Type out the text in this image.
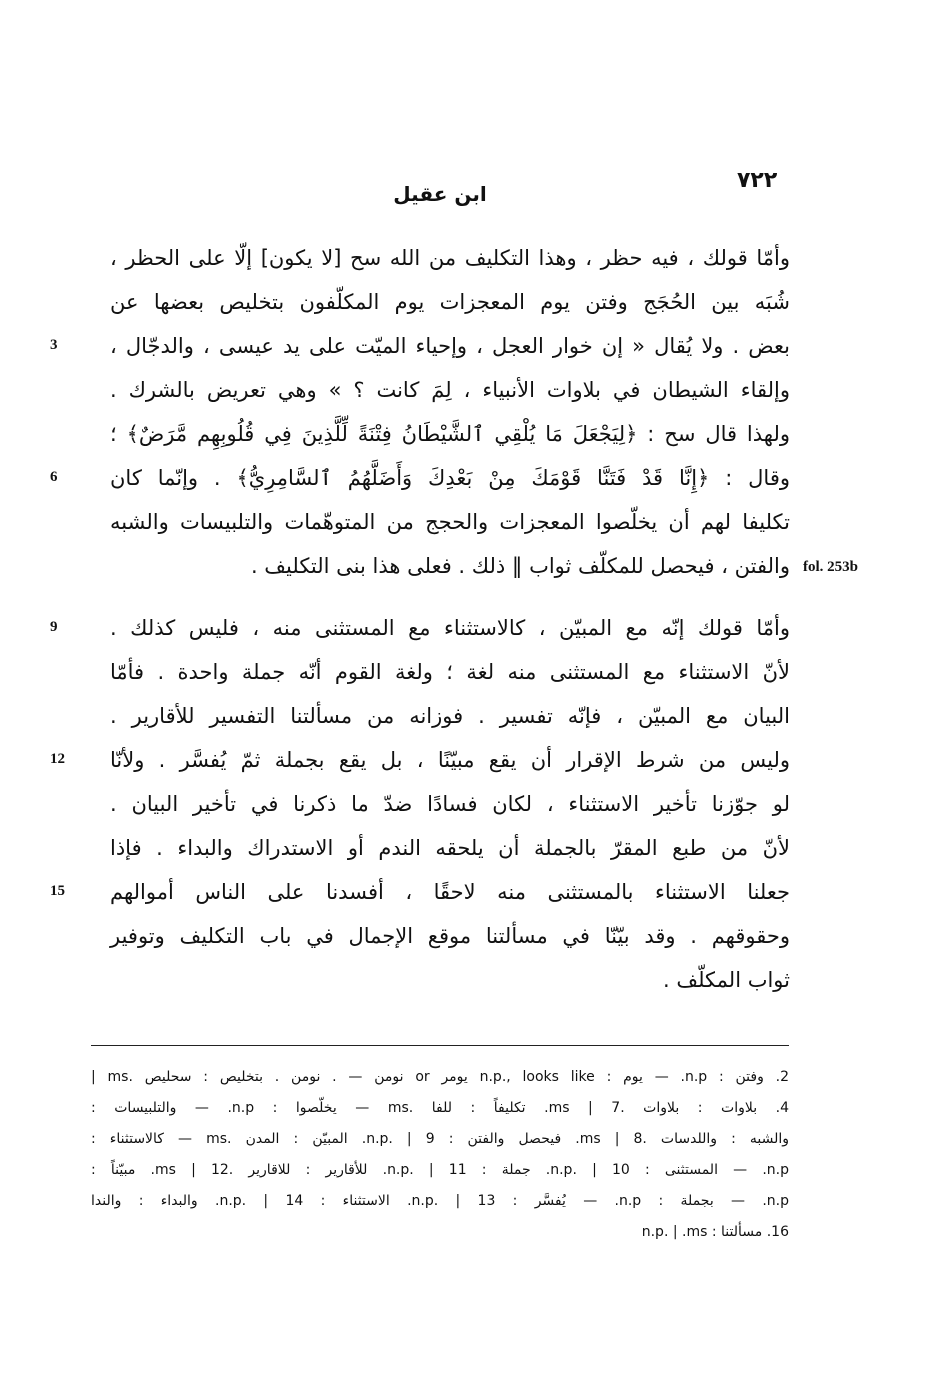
٧٢٢
ابن عقيل
وأمّا قولك ، فيه حظر ، وهذا التكليف من الله سح [لا يكون] إلّا على الحظر ،
شُبَه بين الحُجَج وفتن يوم المعجزات يوم المكلّفون بتخليص بعضها عن
بعض . ولا يُقال « إن خوار العجل ، وإحياء الميّت على يد عيسى ، والدجّال ،
وإلقاء الشيطان في بلاوات الأنبياء ، لِمَ كانت ؟ » وهي تعريض بالشرك .
ولهذا قال سح : ﴿لِيَجْعَلَ مَا يُلْقِي ٱلشَّيْطَانُ فِتْنَةً لِّلَّذِينَ فِي قُلُوبِهِم مَّرَضٌ﴾ ؛
وقال : ﴿إِنَّا قَدْ فَتَنَّا قَوْمَكَ مِنْ بَعْدِكَ وَأَضَلَّهُمُ ٱلسَّامِرِيُّ﴾ . وإنّما كان
تكليفا لهم أن يخلّصوا المعجزات والحجج من المتوهّمات والتلبيسات والشبه
والفتن ، فيحصل للمكلّف ثواب ‖ ذلك . فعلى هذا بنى التكليف .
وأمّا قولك إنّه مع المبيّن ، كالاستثناء مع المستثنى منه ، فليس كذلك .
لأنّ الاستثناء مع المستثنى منه لغة ؛ ولغة القوم أنّه جملة واحدة . فأمّا
البيان مع المبيّن ، فإنّه تفسير . فوزانه من مسألتنا التفسير للأقارير .
وليس من شرط الإقرار أن يقع مبيّنًا ، بل يقع بجملة ثمّ يُفسَّر . ولأنّا
لو جوّزنا تأخير الاستثناء ، لكان فسادًا ضدّ ما ذكرنا في تأخير البيان .
لأنّ من طبع المقرّ بالجملة أن يلحقه الندم أو الاستدراك والبداء . فإذا
جعلنا الاستثناء بالمستثنى منه لاحقًا ، أفسدنا على الناس أموالهم
وحقوقهم . وقد بيّنّا في مسألتنا موقع الإجمال في باب التكليف وتوفير
ثواب المكلّف .
3
6
9
12
15
fol. 253b
2. وفتن : n.p. — يوم : n.p., looks like يومر or نومن — . نومن . بتخليص : سحليص .ms |
4. بلاوات : بلاوات .ms | 7. تكليفاً : للفا .ms — يخلّصوا : n.p. — والتلبيسات :
والشبه : واللدسات .ms | 8. فيحصل والفتن : n.p. | 9. المبيّن : المدن .ms — كالاستثناء :
n.p. — المستثنى : n.p. | 10. جملة : n.p. | 11. للأقارير : للاقارير .ms | 12. مبيّناً :
n.p. — بجملة : n.p. — يُفسَّر : n.p. | 13. الاستثناء : n.p. | 14. والبداء : والندا
16. مسألتنا : n.p. | .ms
